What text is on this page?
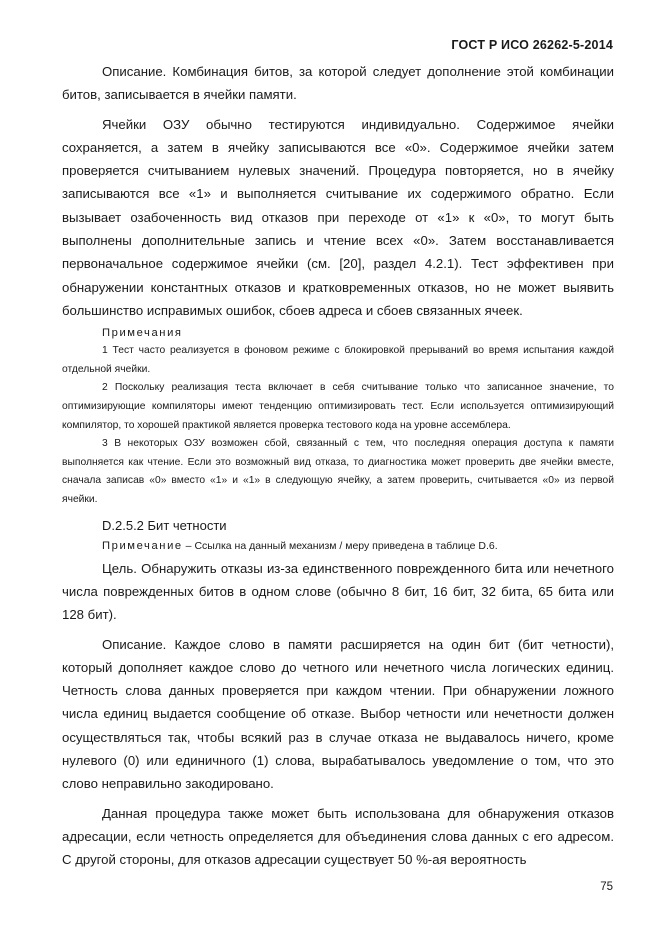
ГОСТ Р ИСО 26262-5-2014

Описание. Комбинация битов, за которой следует дополнение этой комбинации битов, записывается в ячейки памяти.

Ячейки ОЗУ обычно тестируются индивидуально. Содержимое ячейки сохраняется, а затем в ячейку записываются все «0». Содержимое ячейки затем проверяется считыванием нулевых значений. Процедура повторяется, но в ячейку записываются все «1» и выполняется считывание их содержимого обратно. Если вызывает озабоченность вид отказов при переходе от «1» к «0», то могут быть выполнены дополнительные запись и чтение всех «0». Затем восстанавливается первоначальное содержимое ячейки (см. [20], раздел 4.2.1). Тест эффективен при обнаружении константных отказов и кратковременных отказов, но не может выявить большинство исправимых ошибок, сбоев адреса и сбоев связанных ячеек.

Примечания

1 Тест часто реализуется в фоновом режиме с блокировкой прерываний во время испытания каждой отдельной ячейки.

2 Поскольку реализация теста включает в себя считывание только что записанное значение, то оптимизирующие компиляторы имеют тенденцию оптимизировать тест. Если используется оптимизирующий компилятор, то хорошей практикой является проверка тестового кода на уровне ассемблера.

3 В некоторых ОЗУ возможен сбой, связанный с тем, что последняя операция доступа к памяти выполняется как чтение. Если это возможный вид отказа, то диагностика может проверить две ячейки вместе, сначала записав «0» вместо «1» и «1» в следующую ячейку, а затем проверить, считывается «0» из первой ячейки.

D.2.5.2 Бит четности

Примечание – Ссылка на данный механизм / меру приведена в таблице D.6.

Цель. Обнаружить отказы из-за единственного поврежденного бита или нечетного числа поврежденных битов в одном слове (обычно 8 бит, 16 бит, 32 бита, 65 бита или 128 бит).

Описание. Каждое слово в памяти расширяется на один бит (бит четности), который дополняет каждое слово до четного или нечетного числа логических единиц. Четность слова данных проверяется при каждом чтении. При обнаружении ложного числа единиц выдается сообщение об отказе. Выбор четности или нечетности должен осуществляться так, чтобы всякий раз в случае отказа не выдавалось ничего, кроме нулевого (0) или единичного (1) слова, вырабатывалось уведомление о том, что это слово неправильно закодировано.

Данная процедура также может быть использована для обнаружения отказов адресации, если четность определяется для объединения слова данных с его адресом. С другой стороны, для отказов адресации существует 50 %-ая вероятность

75
